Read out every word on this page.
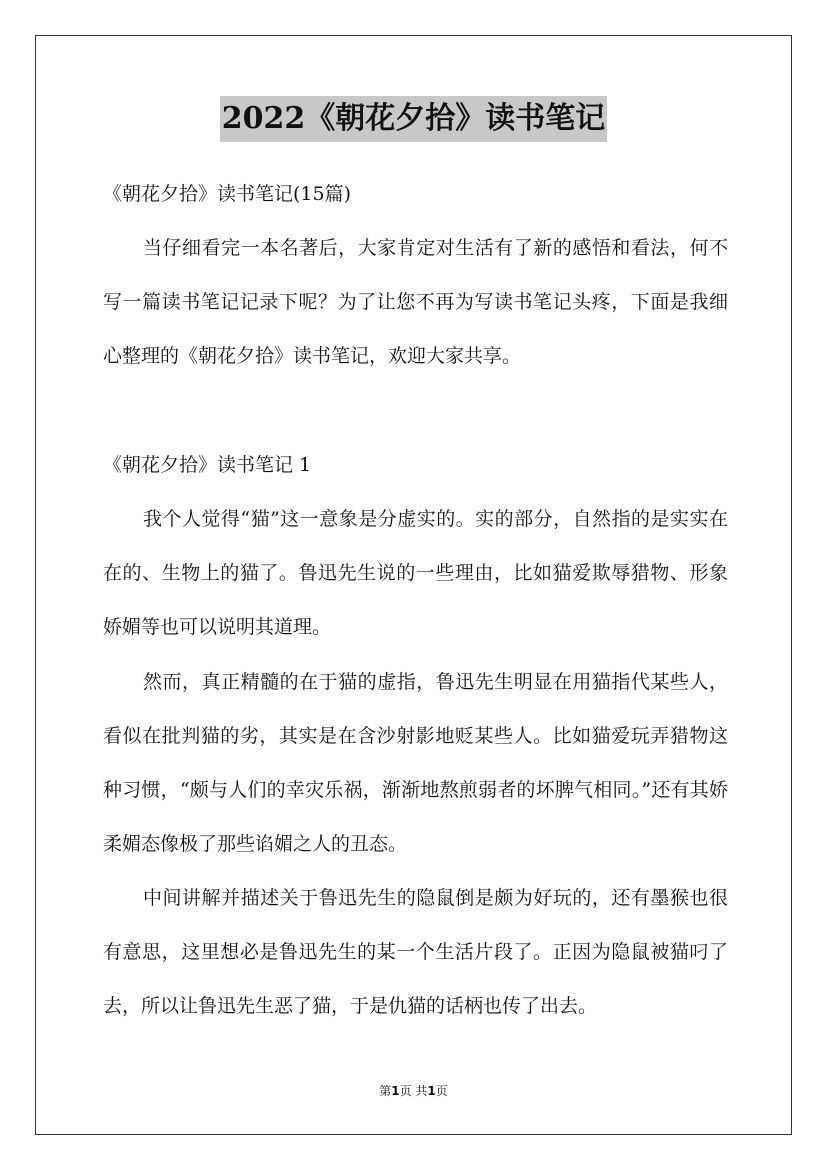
2022《朝花夕拾》读书笔记
《朝花夕拾》读书笔记(15篇)

当仔细看完一本名著后，大家肯定对生活有了新的感悟和看法，何不写一篇读书笔记记录下呢？为了让您不再为写读书笔记头疼，下面是我细心整理的《朝花夕拾》读书笔记，欢迎大家共享。

《朝花夕拾》读书笔记 1

我个人觉得“猫”这一意象是分虚实的。实的部分，自然指的是实实在在的、生物上的猫了。鲁迅先生说的一些理由，比如猫爱欺辱猎物、形象娇媚等也可以说明其道理。

然而，真正精髓的在于猫的虚指，鲁迅先生明显在用猫指代某些人，看似在批判猫的劣，其实是在含沙射影地贬某些人。比如猫爱玩弄猎物这种习惯，“颇与人们的幸灾乐祸，渐渐地熬煎弱者的坏脾气相同。”还有其娇柔媚态像极了那些谄媚之人的丑态。

中间讲解并描述关于鲁迅先生的隐鼠倒是颇为好玩的，还有墨猴也很有意思，这里想必是鲁迅先生的某一个生活片段了。正因为隐鼠被猫叼了去，所以让鲁迅先生恶了猫，于是仇猫的话柄也传了出去。

第1页 共1页
